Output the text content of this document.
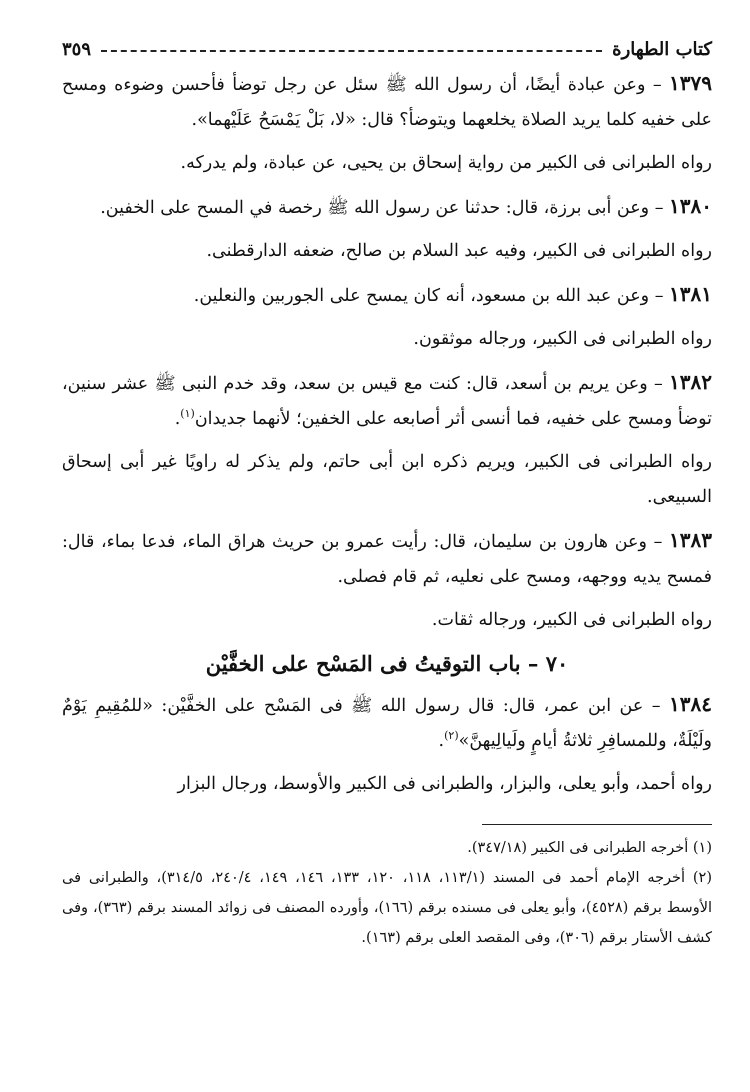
كتاب الطهارة
٣٥٩

١٣٧٩ – وعن عبادة أيضًا، أن رسول الله ﷺ سئل عن رجل توضأ فأحسن وضوءه ومسح على خفيه كلما يريد الصلاة يخلعهما ويتوضأ؟ قال: «لا، بَلْ يَمْسَحُ عَلَيْهما».

رواه الطبرانى فى الكبير من رواية إسحاق بن يحيى، عن عبادة، ولم يدركه.

١٣٨٠ – وعن أبى برزة، قال: حدثنا عن رسول الله ﷺ رخصة في المسح على الخفين.

رواه الطبرانى فى الكبير، وفيه عبد السلام بن صالح، ضعفه الدارقطنى.

١٣٨١ – وعن عبد الله بن مسعود، أنه كان يمسح على الجوربين والنعلين.

رواه الطبرانى فى الكبير، ورجاله موثقون.

١٣٨٢ – وعن يريم بن أسعد، قال: كنت مع قيس بن سعد، وقد خدم النبى ﷺ عشر سنين، توضأ ومسح على خفيه، فما أنسى أثر أصابعه على الخفين؛ لأنهما جديدان$^{(١)}$.

رواه الطبرانى فى الكبير، ويريم ذكره ابن أبى حاتم، ولم يذكر له راويًا غير أبى إسحاق السبيعى.

١٣٨٣ – وعن هارون بن سليمان، قال: رأيت عمرو بن حريث هراق الماء، فدعا بماء، قال: فمسح يديه ووجهه، ومسح على نعليه، ثم قام فصلى.

رواه الطبرانى فى الكبير، ورجاله ثقات.

٧٠ – باب التوقيتُ فى المَسْح على الخفَّيْن

١٣٨٤ – عن ابن عمر، قال: قال رسول الله ﷺ فى المَسْح على الخفَّيْن: «للمُقِيمِ يَوْمٌ ولَيْلَةٌ، وللمسافِرِ ثلاثةُ أيامٍ ولَيالِيهنَّ»$^{(٢)}$.

رواه أحمد، وأبو يعلى، والبزار، والطبرانى فى الكبير والأوسط، ورجال البزار

(١) أخرجه الطبرانى فى الكبير (٣٤٧/١٨).

(٢) أخرجه الإمام أحمد فى المسند (١١٣/١، ١١٨، ١٢٠، ١٣٣، ١٤٦، ١٤٩، ٢٤٠/٤، ٣١٤/٥)، والطبرانى فى الأوسط برقم (٤٥٢٨)، وأبو يعلى فى مسنده برقم (١٦٦)، وأورده المصنف فى زوائد المسند برقم (٣٦٣)، وفى كشف الأستار برقم (٣٠٦)، وفى المقصد العلى برقم (١٦٣).
